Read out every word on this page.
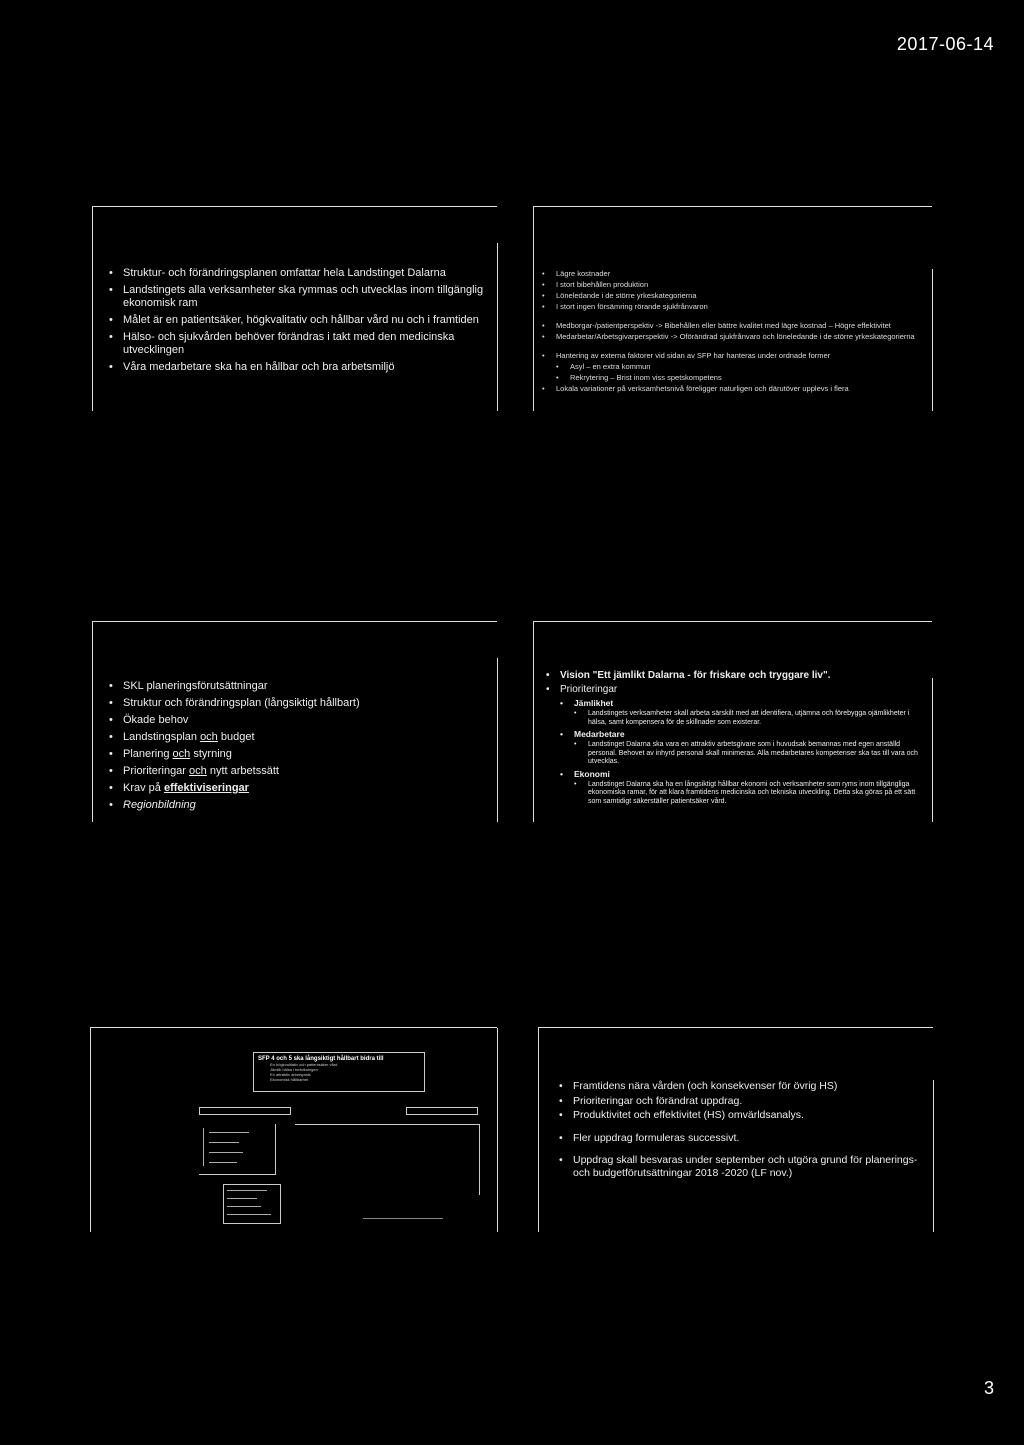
2017-06-14
• Struktur- och förändringsplanen omfattar hela Landstinget Dalarna
• Landstingets alla verksamheter ska rymmas och utvecklas inom tillgänglig ekonomisk ram
• Målet är en patientsäker, högkvalitativ och hållbar vård nu och i framtiden
• Hälso- och sjukvården behöver förändras i takt med den medicinska utvecklingen
• Våra medarbetare ska ha en hållbar och bra arbetsmiljö
• Lägre kostnader
• I stort bibehållen produktion
• Löneledande i de större yrkeskategorierna
• I stort ingen försämring rörande sjukfrånvaron
• Medborgar-/patientperspektiv -> Bibehållen eller bättre kvalitet med lägre kostnad – Högre effektivitet
• Medarbetar/Arbetsgivarperspektiv -> Oförändrad sjukfrånvaro och löneledande i de större yrkeskategorierna
• Hantering av externa faktorer vid sidan av SFP har hanteras under ordnade former
• Asyl – en extra kommun
• Rekrytering – Brist inom viss spetskompetens
• Lokala variationer på verksamhetsnivå föreligger naturligen och därutöver upplevs i flera
• SKL planeringsförutsättningar
• Struktur och förändringsplan (långsiktigt hållbart)
• Ökade behov
• Landstingsplan och budget
• Planering och styrning
• Prioriteringar och nytt arbetssätt
• Krav på effektiviseringar
• Regionbildning
• Vision "Ett jämlikt Dalarna - för friskare och tryggare liv".
• Prioriteringar
• Jämlikhet
• Landstingets verksamheter skall arbeta särskilt med att identifiera, utjämna och förebygga ojämlikheter i hälsa, samt kompensera för de skillnader som existerar.
• Medarbetare
• Landstinget Dalarna ska vara en attraktiv arbetsgivare som i huvudsak bemannas med egen anställd personal. Behovet av inhyrd personal skall minimeras. Alla medarbetares kompetenser ska tas till vara och utvecklas.
• Ekonomi
• Landstinget Dalarna ska ha en långsiktigt hållbar ekonomi och verksamheter som ryms inom tillgängliga ekonomiska ramar, för att klara framtidens medicinska och tekniska utveckling. Detta ska göras på ett sätt som samtidigt säkerställer patientsäker vård.
SFP 4 och 5 ska långsiktigt hållbart bidra till
En högkvalitativ och patientsäker vård
Jämlik hälsa i befolkningen
En attraktiv arbetsplats
Ekonomisk hållbarhet
• Framtidens nära vården (och konsekvenser för övrig HS)
• Prioriteringar och förändrat uppdrag.
• Produktivitet och effektivitet (HS) omvärldsanalys.
• Fler uppdrag formuleras successivt.
• Uppdrag skall besvaras under september och utgöra grund för planerings- och budgetförutsättningar 2018 -2020 (LF nov.)
3
